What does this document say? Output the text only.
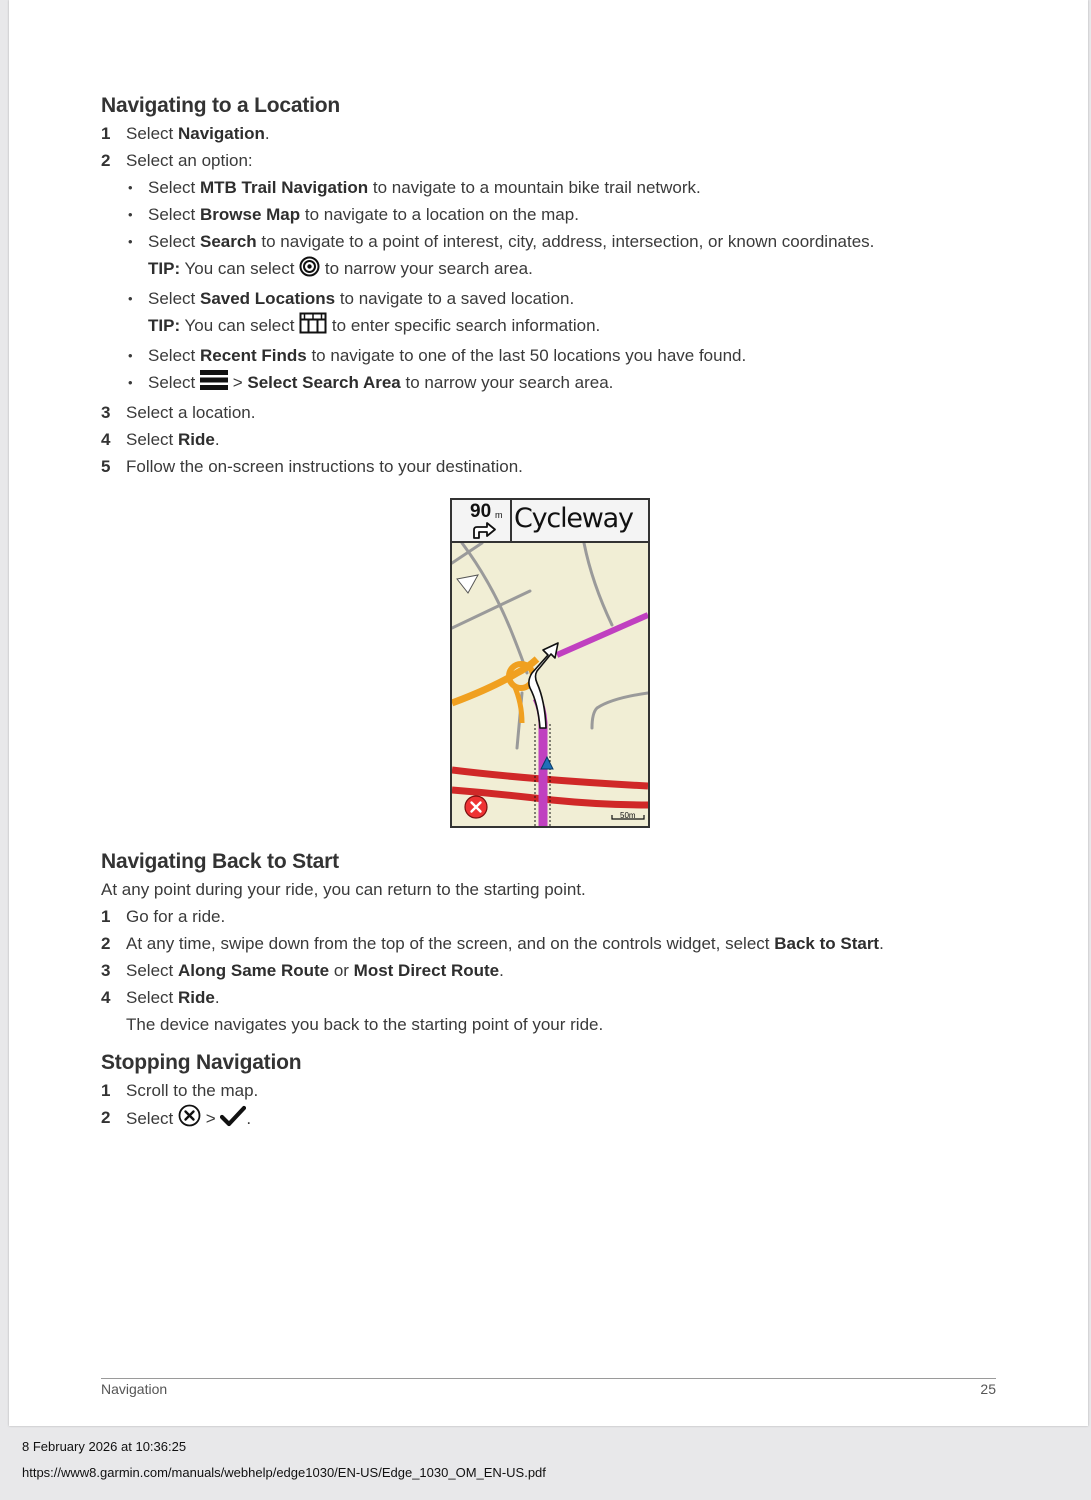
Navigating to a Location
1 Select Navigation.
2 Select an option:
• Select MTB Trail Navigation to navigate to a mountain bike trail network.
• Select Browse Map to navigate to a location on the map.
• Select Search to navigate to a point of interest, city, address, intersection, or known coordinates.
TIP: You can select  to narrow your search area.
• Select Saved Locations to navigate to a saved location.
TIP: You can select  to enter specific search information.
• Select Recent Finds to navigate to one of the last 50 locations you have found.
• Select  > Select Search Area to narrow your search area.
3 Select a location.
4 Select Ride.
5 Follow the on-screen instructions to your destination.
90 m Cycleway
50m
Navigating Back to Start

At any point during your ride, you can return to the starting point.

1 Go for a ride.
2 At any time, swipe down from the top of the screen, and on the controls widget, select Back to Start.
3 Select Along Same Route or Most Direct Route.
4 Select Ride.
The device navigates you back to the starting point of your ride.
Stopping Navigation
1 Scroll to the map.
2 Select  > .
Navigation	25
8 February 2026 at 10:36:25
https://www8.garmin.com/manuals/webhelp/edge1030/EN-US/Edge_1030_OM_EN-US.pdf
